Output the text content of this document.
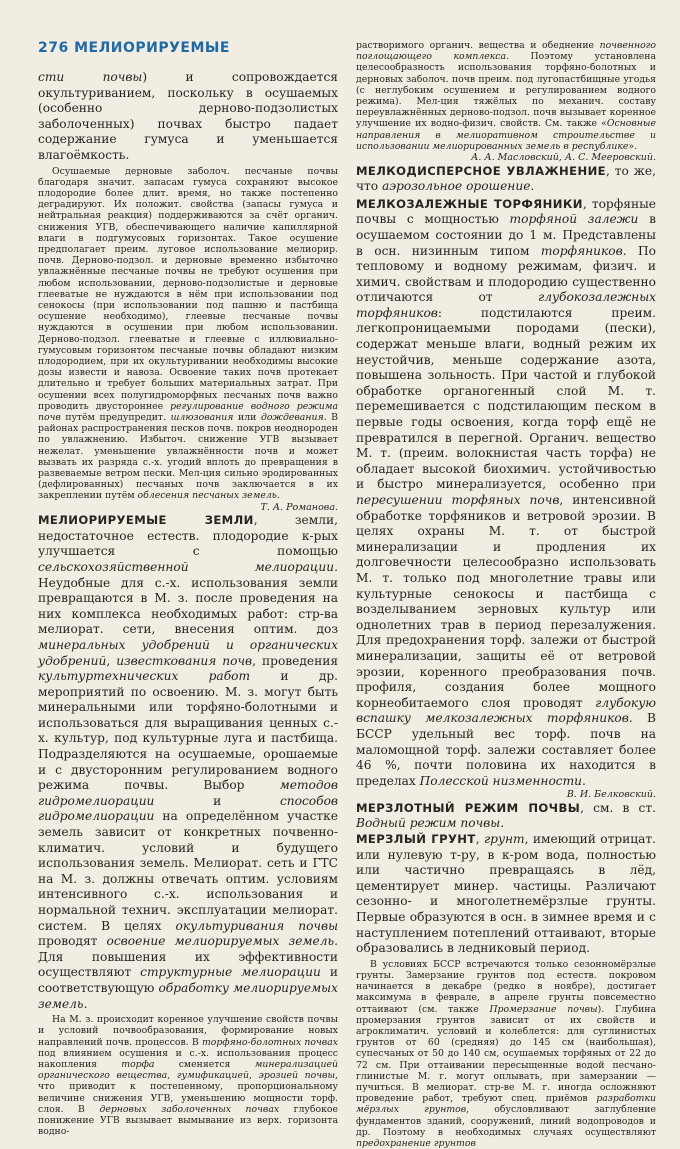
276 МЕЛИОРИРУЕМЫЕ

сти почвы) и сопровождается окультуриванием, поскольку в осушаемых (особенно дерново-подзолистых заболоченных) почвах быстро падает содержание гумуса и уменьшается влагоёмкость.

Осушаемые дерновые заболоч. песчаные почвы благодаря значит. запасам гумуса сохраняют высокое плодородие более длит. время, но также постепенно деградируют. Их положит. свойства (запасы гумуса и нейтральная реакция) поддерживаются за счёт органич. снижения УГВ, обеспечивающего наличие капиллярной влаги в подгумусовых горизонтах. Такое осушение предполагает преим. луговое использование мелиорир. почв. Дерново-подзол. и дерновые временно избыточно увлажнённые песчаные почвы не требуют осушения при любом использовании, дерново-подзолистые и дерновые глееватые не нуждаются в нём при использовании под сенокосы (при использовании под пашню и пастбища осушение необходимо), глеевые песчаные почвы нуждаются в осушении при любом использовании. Дерново-подзол. глееватые и глеевые с иллювиально-гумусовым горизонтом песчаные почвы обладают низким плодородием, при их окультуривании необходимы высокие дозы извести и навоза. Освоение таких почв протекает длительно и требует больших материальных затрат. При осушении всех полугидроморфных песчаных почв важно проводить двустороннее регулирование водного режима почв путём предупредит. шлюзования или дождевания. В районах распространения песков почв. покров неоднороден по увлажнению. Избыточ. снижение УГВ вызывает нежелат. уменьшение увлажнённости почв и может вызвать их разряда с.-х. угодий вплоть до превращения в развеваемые ветром пески. Мел-ция сильно эродированных (дефлированных) песчаных почв заключается в их закреплении путём облесения песчаных земель.

Т. А. Романова.

МЕЛИОРИРУЕМЫЕ ЗЕМЛИ, земли, недостаточное естеств. плодородие к-рых улучшается с помощью сельскохозяйственной мелиорации. Неудобные для с.-х. использования земли превращаются в М. з. после проведения на них комплекса необходимых работ: стр-ва мелиорат. сети, внесения оптим. доз минеральных удобрений и органических удобрений, известкования почв, проведения культуртехнических работ и др. мероприятий по освоению. М. з. могут быть минеральными или торфяно-болотными и использоваться для выращивания ценных с.-х. культур, под культурные луга и пастбища. Подразделяются на осушаемые, орошаемые и с двусторонним регулированием водного режима почвы. Выбор методов гидромелиорации и способов гидромелиорации на определённом участке земель зависит от конкретных почвенно-климатич. условий и будущего использования земель. Мелиорат. сеть и ГТС на М. з. должны отвечать оптим. условиям интенсивного с.-х. использования и нормальной технич. эксплуатации мелиорат. систем. В целях окультуривания почвы проводят освоение мелиорируемых земель. Для повышения их эффективности осуществляют структурные мелиорации и соответствующую обработку мелиорируемых земель.

На М. з. происходит коренное улучшение свойств почвы и условий почвообразования, формирование новых направлений почв. процессов. В торфяно-болотных почвах под влиянием осушения и с.-х. использования процесс накопления торфа сменяется минерализацией органического вещества, гумификацией, эрозией почвы, что приводит к постепенному, пропорциональному величине снижения УГВ, уменьшению мощности торф. слоя. В дерновых заболоченных почвах глубокое понижение УГВ вызывает вымывание из верх. горизонта водно-

растворимого органич. вещества и обеднение почвенного поглощающего комплекса. Поэтому установлена целесообразность использования торфяно-болотных и дерновых заболоч. почв преим. под лугопастбищные угодья (с неглубоким осушением и регулированием водного режима). Мел-ция тяжёлых по механич. составу переувлажнённых дерново-подзол. почв вызывает коренное улучшение их водно-физич. свойств. См. также «Основные направления в мелиоративном строительстве и использовании мелиорированных земель в республике».

А. А. Масловский, А. С. Мееровский.

МЕЛКОДИСПЕРСНОЕ УВЛАЖНЕНИЕ, то же, что аэрозольное орошение.

МЕЛКОЗАЛЕЖНЫЕ ТОРФЯНИКИ, торфяные почвы с мощностью торфяной залежи в осушаемом состоянии до 1 м. Представлены в осн. низинным типом торфяников. По тепловому и водному режимам, физич. и химич. свойствам и плодородию существенно отличаются от глубокозалежных торфяников: подстилаются преим. легкопроницаемыми породами (пески), содержат меньше влаги, водный режим их неустойчив, меньше содержание азота, повышена зольность. При частой и глубокой обработке органогенный слой М. т. перемешивается с подстилающим песком в первые годы освоения, когда торф ещё не превратился в перегной. Органич. вещество М. т. (преим. волокнистая часть торфа) не обладает высокой биохимич. устойчивостью и быстро минерализуется, особенно при пересушении торфяных почв, интенсивной обработке торфяников и ветровой эрозии. В целях охраны М. т. от быстрой минерализации и продления их долговечности целесообразно использовать М. т. только под многолетние травы или культурные сенокосы и пастбища с возделыванием зерновых культур или однолетних трав в период перезалужения. Для предохранения торф. залежи от быстрой минерализации, защиты её от ветровой эрозии, коренного преобразования почв. профиля, создания более мощного корнеобитаемого слоя проводят глубокую вспашку мелкозалежных торфяников. В БССР удельный вес торф. почв на маломощной торф. залежи составляет более 46 %, почти половина их находится в пределах Полесской низменности.

В. И. Белковский.

МЕРЗЛОТНЫЙ РЕЖИМ ПОЧВЫ, см. в ст. Водный режим почвы.

МЕРЗЛЫЙ ГРУНТ, грунт, имеющий отрицат. или нулевую т-ру, в к-ром вода, полностью или частично превращаясь в лёд, цементирует минер. частицы. Различают сезонно- и многолетнемёрзлые грунты. Первые образуются в осн. в зимнее время и с наступлением потеплений оттаивают, вторые образовались в ледниковый период.

В условиях БССР встречаются только сезонномёрзлые грунты. Замерзание грунтов под естеств. покровом начинается в декабре (редко в ноябре), достигает максимума в феврале, в апреле грунты повсеместно оттаивают (см. также Промерзание почвы). Глубина промерзания грунтов зависит от их свойств и агроклиматич. условий и колеблется: для суглинистых грунтов от 60 (средняя) до 145 см (наибольшая), супесчаных от 50 до 140 см, осушаемых торфяных от 22 до 72 см. При оттаивании пересыщенные водой песчано-глинистые М. г. могут оплывать, при замерзании — пучиться. В мелиорат. стр-ве М. г. иногда осложняют проведение работ, требуют спец. приёмов разработки мёрзлых грунтов, обусловливают заглубление фундаментов зданий, сооружений, линий водопроводов и др. Поэтому в необходимых случаях осуществляют предохранение грунтов
